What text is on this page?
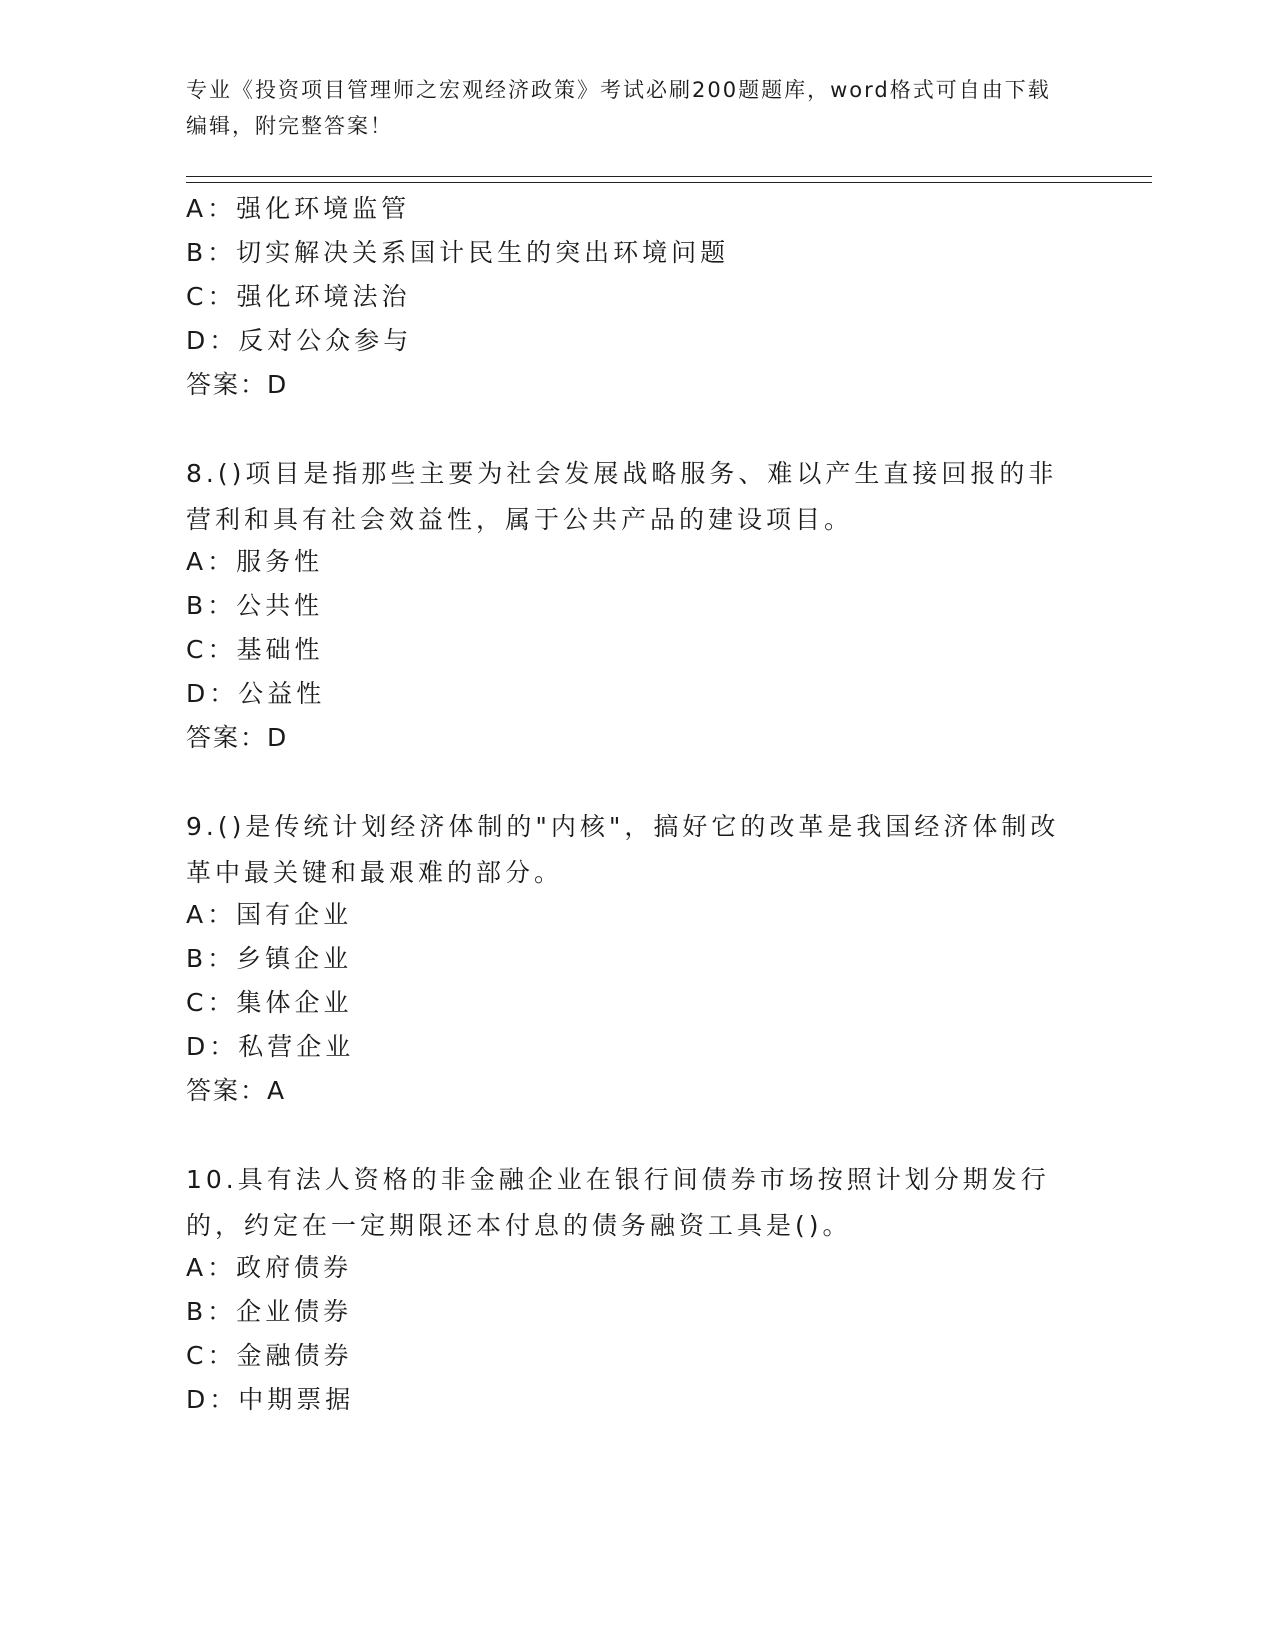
专业《投资项目管理师之宏观经济政策》考试必刷200题题库，word格式可自由下载编辑，附完整答案！
A：强化环境监管
B：切实解决关系国计民生的突出环境问题
C：强化环境法治
D：反对公众参与
答案：D
8.()项目是指那些主要为社会发展战略服务、难以产生直接回报的非营利和具有社会效益性，属于公共产品的建设项目。
A：服务性
B：公共性
C：基础性
D：公益性
答案：D
9.()是传统计划经济体制的"内核"，搞好它的改革是我国经济体制改革中最关键和最艰难的部分。
A：国有企业
B：乡镇企业
C：集体企业
D：私营企业
答案：A
10.具有法人资格的非金融企业在银行间债券市场按照计划分期发行的，约定在一定期限还本付息的债务融资工具是()。
A：政府债券
B：企业债券
C：金融债券
D：中期票据
